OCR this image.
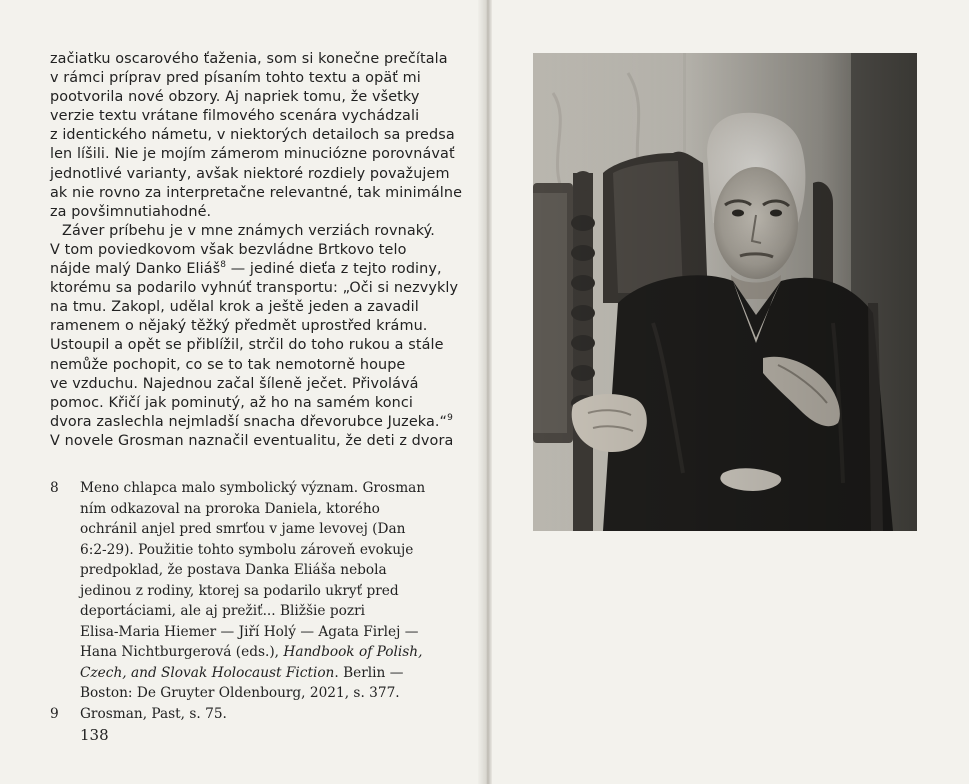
začiatku oscarového ťaženia, som si konečne prečítala
v rámci príprav pred písaním tohto textu a opäť mi
pootvorila nové obzory. Aj napriek tomu, že všetky
verzie textu vrátane filmového scenára vychádzali
z identického námetu, v niektorých detailoch sa predsa
len líšili. Nie je mojím zámerom minuciózne porovnávať
jednotlivé varianty, avšak niektoré rozdiely považujem
ak nie rovno za interpretačne relevantné, tak minimálne
za povšimnutiahodné.
Záver príbehu je v mne známych verziách rovnaký.
V tom poviedkovom však bezvládne Brtkovo telo
nájde malý Danko Eliáš$^8$ — jediné dieťa z tejto rodiny,
ktorému sa podarilo vyhnúť transportu: „Oči si nezvykly
na tmu. Zakopl, udělal krok a ještě jeden a zavadil
ramenem o nějaký těžký předmět uprostřed krámu.
Ustoupil a opět se přiblížil, strčil do toho rukou a stále
nemůže pochopit, co se to tak nemotorně houpe
ve vzduchu. Najednou začal šíleně ječet. Přivolává
pomoc. Křičí jak pominutý, až ho na samém konci
dvora zaslechla nejmladší snacha dřevorubce Juzeka.“$^9$
V novele Grosman naznačil eventualitu, že deti z dvora
8	Meno chlapca malo symbolický význam. Grosman
ním odkazoval na proroka Daniela, ktorého
ochránil anjel pred smrťou v jame levovej (Dan
6:2-29). Použitie tohto symbolu zároveň evokuje
predpoklad, že postava Danka Eliáša nebola
jedinou z rodiny, ktorej sa podarilo ukryť pred
deportáciami, ale aj prežiť... Bližšie pozri
Elisa-Maria Hiemer — Jiří Holý — Agata Firlej —
Hana Nichtburgerová (eds.), Handbook of Polish,
Czech, and Slovak Holocaust Fiction. Berlin —
Boston: De Gruyter Oldenbourg, 2021, s. 377.
9	Grosman, Past, s. 75.
138
